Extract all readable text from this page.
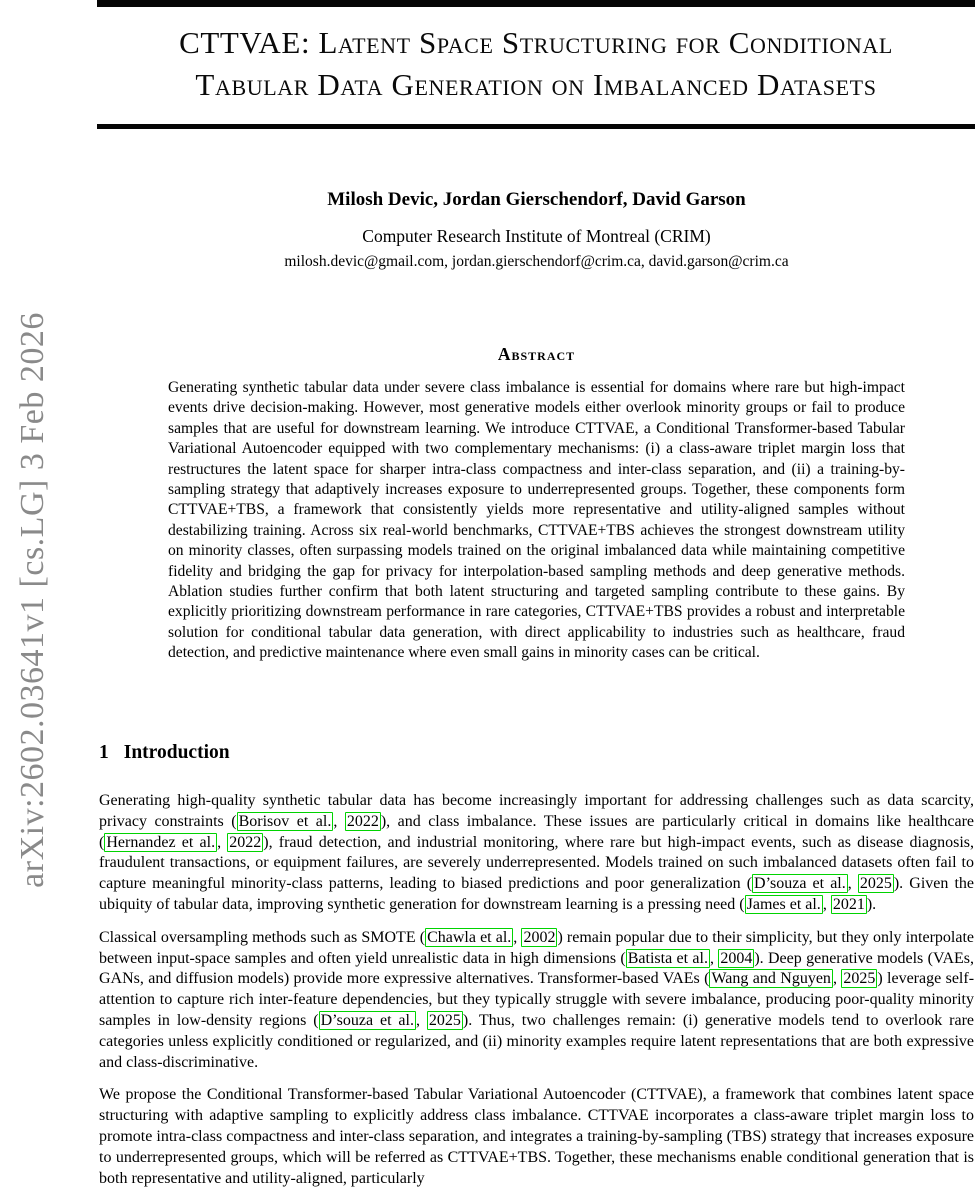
arXiv:2602.03641v1 [cs.LG] 3 Feb 2026
CTTVAE: Latent Space Structuring for Conditional
Tabular Data Generation on Imbalanced Datasets
Milosh Devic, Jordan Gierschendorf, David Garson
Computer Research Institute of Montreal (CRIM)
milosh.devic@gmail.com, jordan.gierschendorf@crim.ca, david.garson@crim.ca
Abstract
Generating synthetic tabular data under severe class imbalance is essential for domains where rare but high-impact events drive decision-making. However, most generative models either overlook minority groups or fail to produce samples that are useful for downstream learning. We introduce CTTVAE, a Conditional Transformer-based Tabular Variational Autoencoder equipped with two complementary mechanisms: (i) a class-aware triplet margin loss that restructures the latent space for sharper intra-class compactness and inter-class separation, and (ii) a training-by-sampling strategy that adaptively increases exposure to underrepresented groups. Together, these components form CTTVAE+TBS, a framework that consistently yields more representative and utility-aligned samples without destabilizing training. Across six real-world benchmarks, CTTVAE+TBS achieves the strongest downstream utility on minority classes, often surpassing models trained on the original imbalanced data while maintaining competitive fidelity and bridging the gap for privacy for interpolation-based sampling methods and deep generative methods. Ablation studies further confirm that both latent structuring and targeted sampling contribute to these gains. By explicitly prioritizing downstream performance in rare categories, CTTVAE+TBS provides a robust and interpretable solution for conditional tabular data generation, with direct applicability to industries such as healthcare, fraud detection, and predictive maintenance where even small gains in minority cases can be critical.
1 Introduction

Generating high-quality synthetic tabular data has become increasingly important for addressing challenges such as data scarcity, privacy constraints ( Borisov et al. , 2022 ), and class imbalance. These issues are particularly critical in domains like healthcare ( Hernandez et al. , 2022 ), fraud detection, and industrial monitoring, where rare but high-impact events, such as disease diagnosis, fraudulent transactions, or equipment failures, are severely underrepresented. Models trained on such imbalanced datasets often fail to capture meaningful minority-class patterns, leading to biased predictions and poor generalization ( D’souza et al. , 2025 ). Given the ubiquity of tabular data, improving synthetic generation for downstream learning is a pressing need ( James et al. , 2021 ).

Classical oversampling methods such as SMOTE ( Chawla et al. , 2002 ) remain popular due to their simplicity, but they only interpolate between input-space samples and often yield unrealistic data in high dimensions ( Batista et al. , 2004 ). Deep generative models (VAEs, GANs, and diffusion models) provide more expressive alternatives. Transformer-based VAEs ( Wang and Nguyen , 2025 ) leverage self-attention to capture rich inter-feature dependencies, but they typically struggle with severe imbalance, producing poor-quality minority samples in low-density regions ( D’souza et al. , 2025 ). Thus, two challenges remain: (i) generative models tend to overlook rare categories unless explicitly conditioned or regularized, and (ii) minority examples require latent representations that are both expressive and class-discriminative.

We propose the Conditional Transformer-based Tabular Variational Autoencoder (CTTVAE), a framework that combines latent space structuring with adaptive sampling to explicitly address class imbalance. CTTVAE incorporates a class-aware triplet margin loss to promote intra-class compactness and inter-class separation, and integrates a training-by-sampling (TBS) strategy that increases exposure to underrepresented groups, which will be referred as CTTVAE+TBS. Together, these mechanisms enable conditional generation that is both representative and utility-aligned, particularly
